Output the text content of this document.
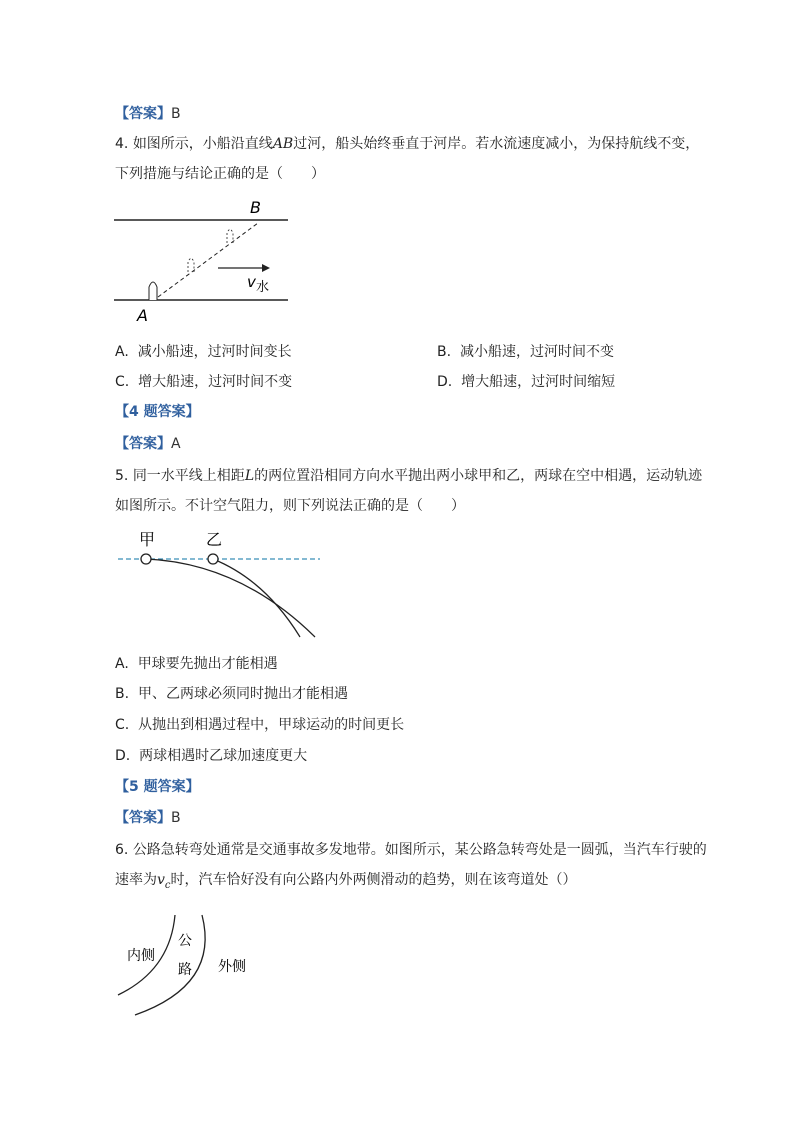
【答案】B
4. 如图所示，小船沿直线AB过河，船头始终垂直于河岸。若水流速度减小，为保持航线不变，
下列措施与结论正确的是（　　）
B
A
v 水
A. 减小船速，过河时间变长	B. 减小船速，过河时间不变
C. 增大船速，过河时间不变	D. 增大船速，过河时间缩短
【4 题答案】
【答案】A
5. 同一水平线上相距L的两位置沿相同方向水平抛出两小球甲和乙，两球在空中相遇，运动轨迹
如图所示。不计空气阻力，则下列说法正确的是（　　）
甲	乙
A. 甲球要先抛出才能相遇
B. 甲、乙两球必须同时抛出才能相遇
C. 从抛出到相遇过程中，甲球运动的时间更长
D. 两球相遇时乙球加速度更大
【5 题答案】
【答案】B
6. 公路急转弯处通常是交通事故多发地带。如图所示，某公路急转弯处是一圆弧，当汽车行驶的
速率为$v_c$时，汽车恰好没有向公路内外两侧滑动的趋势，则在该弯道处（）
内侧
公
路 外侧
